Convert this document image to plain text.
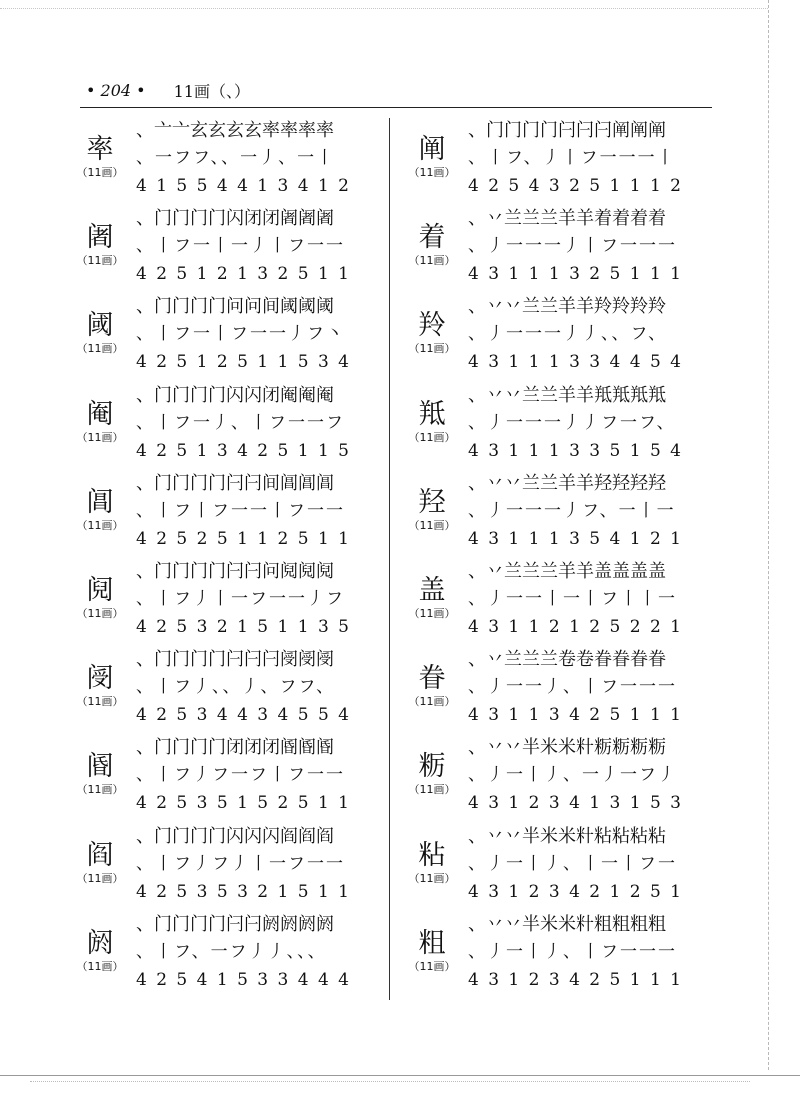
• 204 • 11画（、）
率
（11画）
、亠亠玄玄玄玄率率率率
、一フフ、、一丿、一丨
41554413412
阇
（11画）
、门门门门闪闭闭阇阇阇
、丨フ一丨一丿丨フ一一
42512132511
阈
（11画）
、门门门门问问间阈阈阈
、丨フ一丨フ一一丿フ丶
42512511534
阉
（11画）
、门门门门闪闪闭阉阉阉
、丨フ一丿、丨フ一一フ
42513425115
阊
（11画）
、门门门门闩闩间阊阊阊
、丨フ丨フ一一丨フ一一
42525112511
阋
（11画）
、门门门门闩闩问阋阋阋
、丨フ丿丨一フ一一丿フ
42532151135
阌
（11画）
、门门门门闩闩闩阌阌阌
、丨フ丿、、丿、フフ、
42534434554
阍
（11画）
、门门门门闭闭闭阍阍阍
、丨フ丿フ一フ丨フ一一
42535152511
阎
（11画）
、门门门门闪闪闪阎阎阎
、丨フ丿フ丿丨一フ一一
42535321511
阏
（11画）
、门门门门闩闩阏阏阏阏
、丨フ、一フ丿丿、、、
42541533444
阐
（11画）
、门门门门闩闩闩阐阐阐
、丨フ、丿丨フ一一一丨
42543251112
着
（11画）
、丷兰兰兰羊羊着着着着
、丿一一一丿丨フ一一一
43111325111
羚
（11画）
、丷丷兰兰羊羊羚羚羚羚
、丿一一一丿丿、、フ、
43111334454
羝
（11画）
、丷丷兰兰羊羊羝羝羝羝
、丿一一一丿丿フ一フ、
43111335154
羟
（11画）
、丷丷兰兰羊羊羟羟羟羟
、丿一一一丿フ、一丨一
43111354121
盖
（11画）
、丷兰兰兰羊羊盖盖盖盖
、丿一一丨一丨フ丨丨一
43112125221
眷
（11画）
、丷兰兰兰卷卷眷眷眷眷
、丿一一丿、丨フ一一一
43113425111
粝
（11画）
、丷丷半米米籵粝粝粝粝
、丿一丨丿、一丿一フ丿
43123413153
粘
（11画）
、丷丷半米米籵粘粘粘粘
、丿一丨丿、丨一丨フ一
43123421251
粗
（11画）
、丷丷半米米籵粗粗粗粗
、丿一丨丿、丨フ一一一
43123425111
